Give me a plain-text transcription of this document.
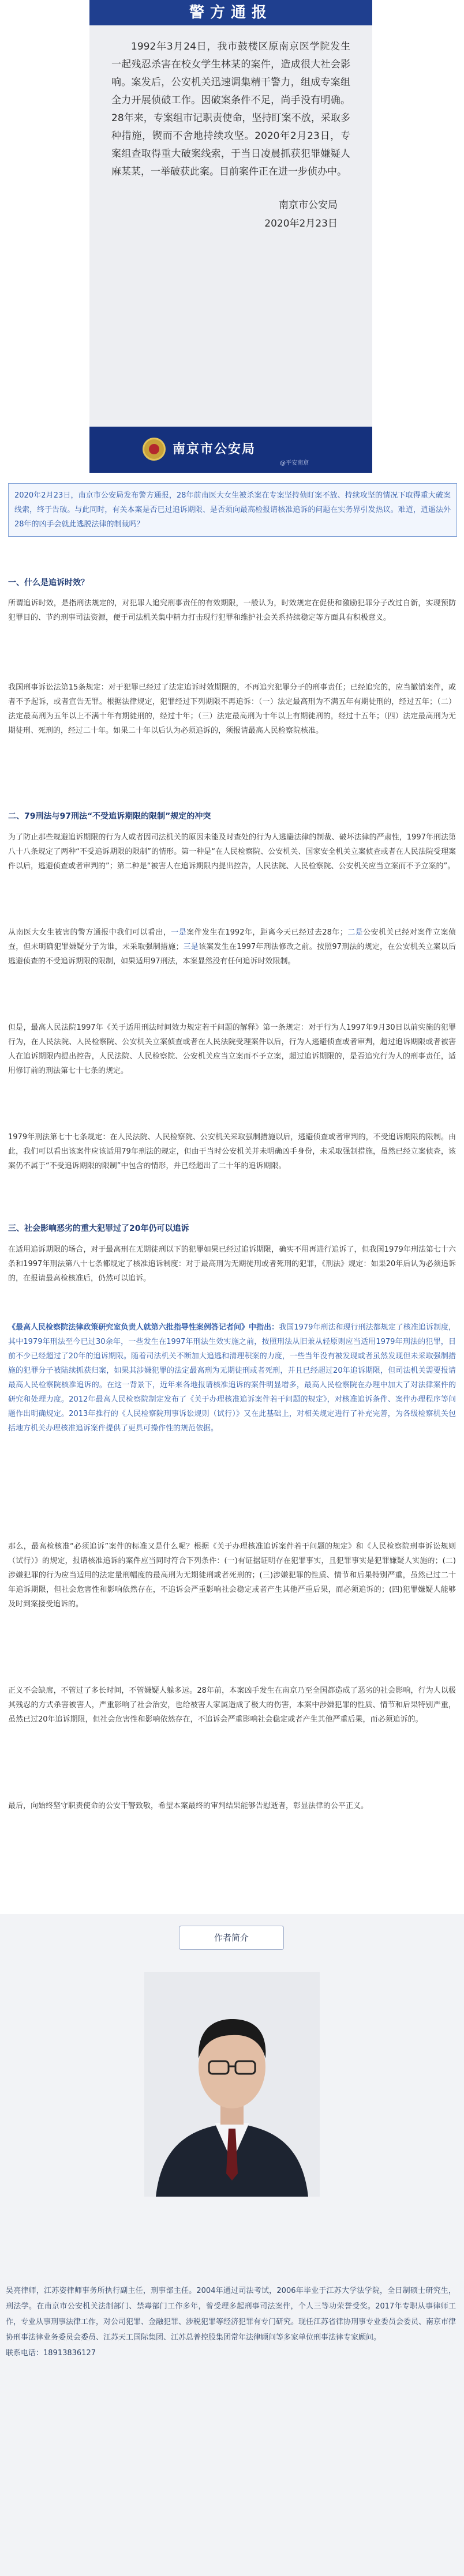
警方通报
1992年3月24日，我市鼓楼区原南京医学院发生一起残忍杀害在校女学生林某的案件，造成很大社会影响。案发后，公安机关迅速调集精干警力，组成专案组全力开展侦破工作。因破案条件不足，尚手没有明确。28年来，专案组市记职责使命，坚持盯案不放，采取多种措施，锲而不舍地持续攻坚。2020年2月23日，专案组查取得重大破案线索，于当日凌晨抓获犯罪嫌疑人麻某某，一举破获此案。目前案件正在进一步侦办中。
南京市公安局
2020年2月23日
南京市公安局
@平安南京
2020年2月23日，南京市公安局发布警方通报，28年前南医大女生被杀案在专案坚持侦盯案不放、持续攻坚的情况下取得重大破案线索，终于告破。与此同时，有关本案是否已过追诉期限、是否须向最高检报请核准追诉的问题在实务界引发热议。难道，逍遥法外28年的凶手会就此逃脱法律的制裁吗？
一、什么是追诉时效？

所谓追诉时效，是指刑法规定的，对犯罪人追究刑事责任的有效期限，一般认为，时效规定在促使和激励犯罪分子改过自新，实现预防犯罪目的、节约刑事司法资源，便于司法机关集中精力打击现行犯罪和维护社会关系持续稳定等方面具有积极意义。

我国刑事诉讼法第15条规定：对于犯罪已经过了法定追诉时效期限的，不再追究犯罪分子的刑事责任；已经追究的，应当撤销案件，或者不予起诉，或者宣告无罪。根据法律规定，犯罪经过下列期限不再追诉：（一）法定最高刑为不满五年有期徒刑的，经过五年；（二）法定最高刑为五年以上不满十年有期徒刑的，经过十年；（三）法定最高刑为十年以上有期徒刑的，经过十五年；（四）法定最高刑为无期徒刑、死刑的，经过二十年。如果二十年以后认为必须追诉的，须报请最高人民检察院核准。

二、79刑法与97刑法“不受追诉期限的限制”规定的冲突

为了防止那些规避追诉期限的行为人或者因司法机关的原因未能及时查处的行为人逃避法律的制裁、破坏法律的严肃性，1997年刑法第八十八条规定了两种“不受追诉期限的限制”的情形。第一种是“在人民检察院、公安机关、国家安全机关立案侦查或者在人民法院受理案件以后，逃避侦查或者审判的”；第二种是“被害人在追诉期限内提出控告，人民法院、人民检察院、公安机关应当立案而不予立案的”。

从南医大女生被害的警方通报中我们可以看出，一是案件发生在1992年，距离今天已经过去28年；二是公安机关已经对案件立案侦查，但未明确犯罪嫌疑分子为谁，未采取强制措施；三是该案发生在1997年刑法修改之前。按照97刑法的规定，在公安机关立案以后逃避侦查的不受追诉期限的限制，如果适用97刑法，本案显然没有任何追诉时效限制。

但是，最高人民法院1997年《关于适用刑法时间效力规定若干问题的解释》第一条规定：对于行为人1997年9月30日以前实施的犯罪行为，在人民法院、人民检察院、公安机关立案侦查或者在人民法院受理案件以后，行为人逃避侦查或者审判，超过追诉期限或者被害人在追诉期限内提出控告，人民法院、人民检察院、公安机关应当立案而不予立案，超过追诉期限的，是否追究行为人的刑事责任，适用修订前的刑法第七十七条的规定。

1979年刑法第七十七条规定：在人民法院、人民检察院、公安机关采取强制措施以后，逃避侦查或者审判的，不受追诉期限的限制。由此，我们可以看出该案件应该适用79年刑法的规定，但由于当时公安机关并未明确凶手身份，未采取强制措施，虽然已经立案侦查，该案仍不属于“不受追诉期限的限制”中包含的情形，并已经超出了二十年的追诉期限。

三、社会影响恶劣的重大犯罪过了20年仍可以追诉

在适用追诉期限的场合，对于最高刑在无期徒刑以下的犯罪如果已经过追诉期限，确实不用再进行追诉了，但我国1979年刑法第七十六条和1997年刑法第八十七条都规定了核准追诉制度：对于最高刑为无期徒刑或者死刑的犯罪，《刑法》规定：如果20年后认为必须追诉的，在报请最高检核准后，仍然可以追诉。

《最高人民检察院法律政策研究室负责人就第六批指导性案例答记者问》中指出：我国1979年刑法和现行刑法都规定了核准追诉制度，其中1979年刑法至今已过30余年，一些发生在1997年刑法生效实施之前，按照刑法从旧兼从轻原则应当适用1979年刑法的犯罪，目前不少已经超过了20年的追诉期限。随着司法机关不断加大追逃和清理积案的力度，一些当年没有被发现或者虽然发现但未采取强制措施的犯罪分子被陆续抓获归案，如果其涉嫌犯罪的法定最高刑为无期徒刑或者死刑，并且已经超过20年追诉期限，但司法机关需要报请最高人民检察院核准追诉的。在这一背景下，近年来各地报请核准追诉的案件明显增多，最高人民检察院在办理中加大了对法律案件的研究和处理力度。2012年最高人民检察院制定发布了《关于办理核准追诉案件若干问题的规定》，对核准追诉条件、案件办理程序等问题作出明确规定。2013年推行的《人民检察院刑事诉讼规则（试行）》又在此基础上，对相关规定进行了补充完善，为各级检察机关包括地方机关办理核准追诉案件提供了更具可操作性的规范依据。

那么，最高检核准“必须追诉”案件的标准又是什么呢？根据《关于办理核准追诉案件若干问题的规定》和《人民检察院刑事诉讼规则（试行）》的规定，报请核准追诉的案件应当同时符合下列条件：(一)有证据证明存在犯罪事实，且犯罪事实是犯罪嫌疑人实施的；(二)涉嫌犯罪的行为应当适用的法定量刑幅度的最高刑为无期徒刑或者死刑的；(三)涉嫌犯罪的性质、情节和后果特别严重，虽然已过二十年追诉期限，但社会危害性和影响依然存在，不追诉会严重影响社会稳定或者产生其他严重后果，而必须追诉的；(四)犯罪嫌疑人能够及时到案接受追诉的。

正义不会缺席，不管过了多长时间，不管嫌疑人躲多远。28年前，本案凶手发生在南京乃至全国都造成了恶劣的社会影响，行为人以极其残忍的方式杀害被害人，严重影响了社会治安，也给被害人家属造成了极大的伤害，本案中涉嫌犯罪的性质、情节和后果特别严重，虽然已过20年追诉期限，但社会危害性和影响依然存在，不追诉会严重影响社会稳定或者产生其他严重后果，而必须追诉的。

最后，向始终坚守职责使命的公安干警致敬，希望本案最终的审判结果能够告慰逝者，彰显法律的公平正义。

作者简介
吴亮律师，江苏姿律师事务所执行副主任，刑事部主任。2004年通过司法考试，2006年毕业于江苏大学法学院，全日制硕士研究生，刑法学。在南京市公安机关法制部门、禁毒部门工作多年，曾受理多起刑事司法案件，个人三等功荣誉受奖。2017年专职从事律师工作，专业从事刑事法律工作，对公司犯罪、金融犯罪、涉税犯罪等经济犯罪有专门研究。现任江苏省律协刑事专业委员会委员、南京市律协刑事法律业务委员会委员、江苏天工国际集团、江苏总普控股集团常年法律顾问等多家单位刑事法律专家顾问。
联系电话：18913836127
